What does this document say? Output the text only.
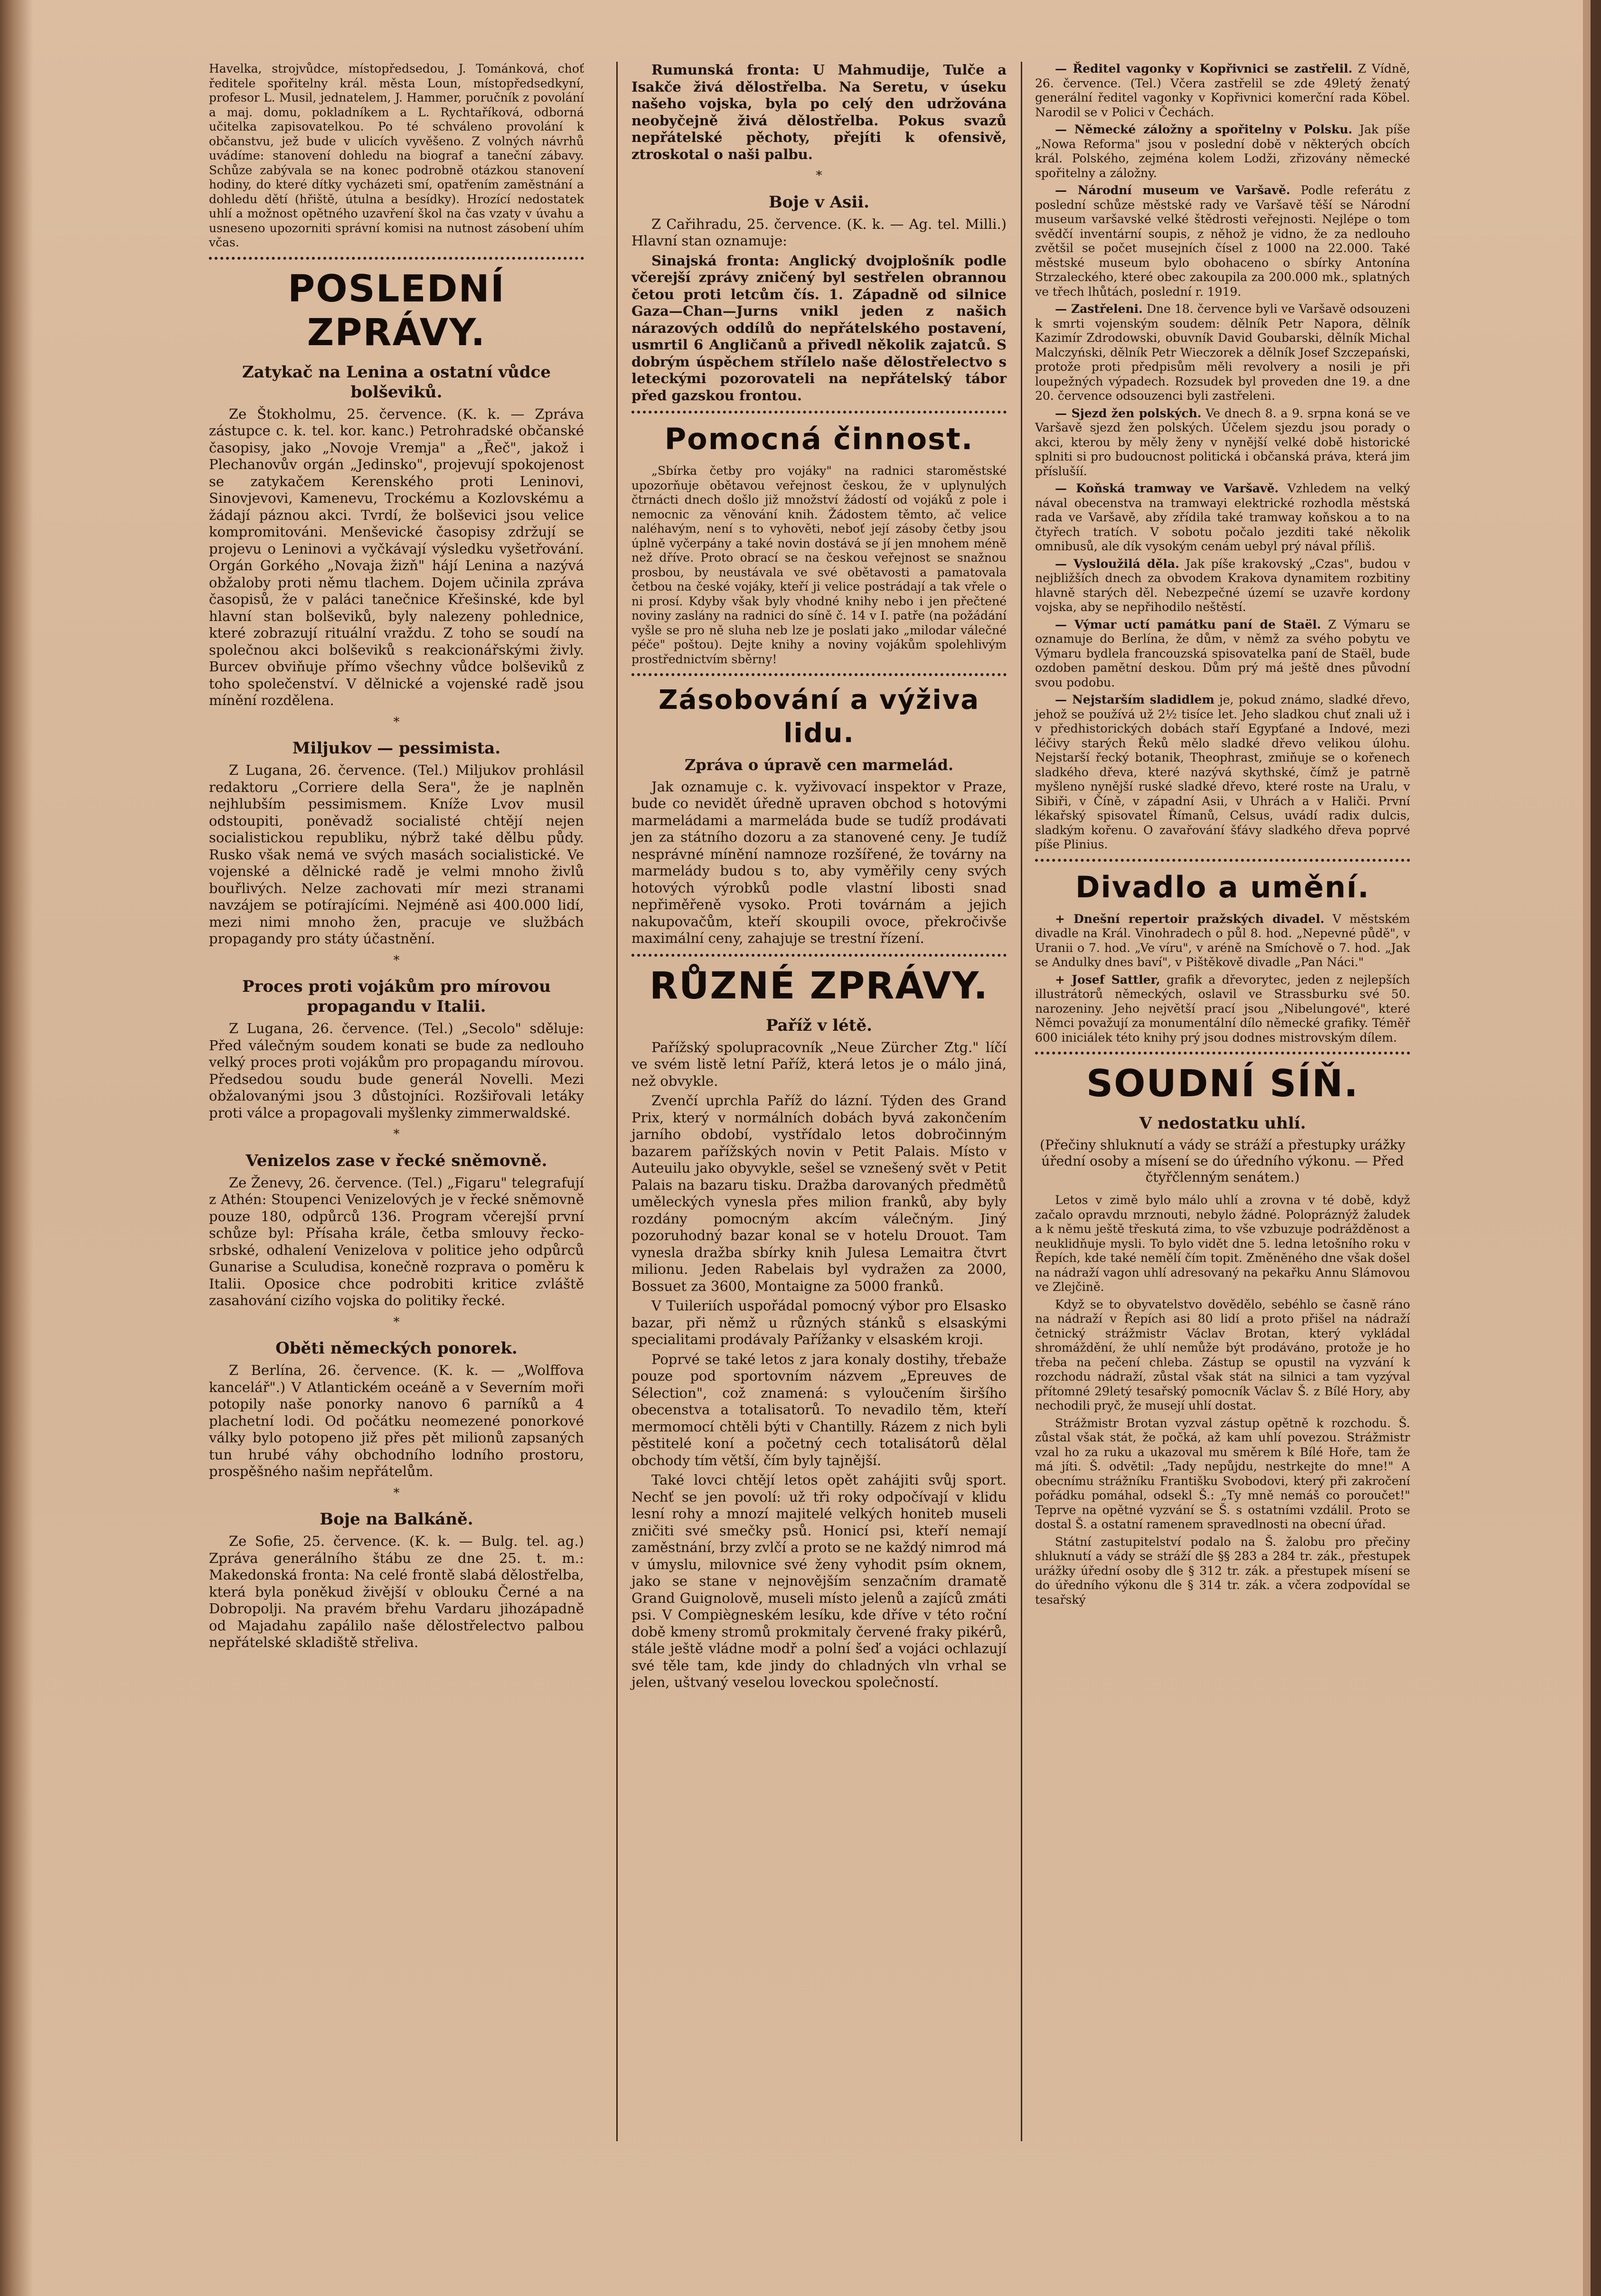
Havelka, strojvůdce, místopředsedou, J. Tománková, choť ředitele spořitelny král. města Loun, místopředsedkyní, profesor L. Musil, jednatelem, J. Hammer, poručník z povolání a maj. domu, pokladníkem a L. Rychtaříková, odborná učitelka zapisovatelkou. Po té schváleno provolání k občanstvu, jež bude v ulicích vyvěšeno. Z volných návrhů uvádíme: stanovení dohledu na biograf a taneční zábavy. Schůze zabývala se na konec podrobně otázkou stanovení hodiny, do které dítky vycházeti smí, opatřením zaměstnání a dohledu dětí (hřiště, útulna a besídky). Hrozící nedostatek uhlí a možnost opětného uzavření škol na čas vzaty v úvahu a usneseno upozorniti správní komisi na nutnost zásobení uhím včas.

POSLEDNÍ ZPRÁVY.
Zatykač na Lenina a ostatní vůdce bolševiků.

Ze Štokholmu, 25. července. (K. k. — Zpráva zástupce c. k. tel. kor. kanc.) Petrohradské občanské časopisy, jako „Novoje Vremja" a „Řeč", jakož i Plechanovův orgán „Jedinsko", projevují spokojenost se zatykačem Kerenského proti Leninovi, Sinovjevovi, Kamenevu, Trockému a Kozlovskému a žádají páznou akci. Tvrdí, že bolševici jsou velice kompromitováni. Menševické časopisy zdržují se projevu o Leninovi a vyčkávají výsledku vyšetřování. Orgán Gorkého „Novaja žizň" hájí Lenina a nazývá obžaloby proti němu tlachem. Dojem učinila zpráva časopisů, že v paláci tanečnice Křešinské, kde byl hlavní stan bolševiků, byly nalezeny pohlednice, které zobrazují rituální vraždu. Z toho se soudí na společnou akci bolševiků s reakcionářskými živly. Burcev obviňuje přímo všechny vůdce bolševiků z toho společenství. V dělnické a vojenské radě jsou mínění rozdělena.

*
Miljukov — pessimista.

Z Lugana, 26. července. (Tel.) Miljukov prohlásil redaktoru „Corriere della Sera", že je naplněn nejhlubším pessimismem. Kníže Lvov musil odstoupiti, poněvadž socialisté chtějí nejen socialistickou republiku, nýbrž také dělbu půdy. Rusko však nemá ve svých masách socialistické. Ve vojenské a dělnické radě je velmi mnoho živlů bouřlivých. Nelze zachovati mír mezi stranami navzájem se potírajícími. Nejméně asi 400.000 lidí, mezi nimi mnoho žen, pracuje ve službách propagandy pro státy účastnění.

*
Proces proti vojákům pro mírovou propagandu v Italii.

Z Lugana, 26. července. (Tel.) „Secolo" sděluje: Před válečným soudem konati se bude za nedlouho velký proces proti vojákům pro propagandu mírovou. Předsedou soudu bude generál Novelli. Mezi obžalovanými jsou 3 důstojníci. Rozšiřovali letáky proti válce a propagovali myšlenky zimmerwaldské.

*
Venizelos zase v řecké sněmovně.

Ze Ženevy, 26. července. (Tel.) „Figaru" telegrafují z Athén: Stoupenci Venizelových je v řecké sněmovně pouze 180, odpůrců 136. Program včerejší první schůze byl: Přísaha krále, četba smlouvy řecko-srbské, odhalení Venizelova v politice jeho odpůrců Gunarise a Sculudisa, konečně rozprava o poměru k Italii. Oposice chce podrobiti kritice zvláště zasahování cizího vojska do politiky řecké.

*
Oběti německých ponorek.

Z Berlína, 26. července. (K. k. — „Wolffova kancelář".) V Atlantickém oceáně a v Severním moři potopily naše ponorky nanovo 6 parníků a 4 plachetní lodi. Od počátku neomezené ponorkové války bylo potopeno již přes pět milionů zapsaných tun hrubé váhy obchodního lodního prostoru, prospěšného našim nepřátelům.

*
Boje na Balkáně.

Ze Sofie, 25. července. (K. k. — Bulg. tel. ag.) Zpráva generálního štábu ze dne 25. t. m.: Makedonská fronta: Na celé frontě slabá dělostřelba, která byla poněkud živější v oblouku Černé a na Dobropolji. Na pravém břehu Vardaru jihozápadně od Majadahu zapálilo naše dělostřelectvo palbou nepřátelské skladiště střeliva.

Rumunská fronta: U Mahmudije, Tulče a Isakče živá dělostřelba. Na Seretu, v úseku našeho vojska, byla po celý den udržována neobyčejně živá dělostřelba. Pokus svazů nepřátelské pěchoty, přejíti k ofensivě, ztroskotal o naši palbu.

*
Boje v Asii.

Z Cařihradu, 25. července. (K. k. — Ag. tel. Milli.) Hlavní stan oznamuje:

Sinajská fronta: Anglický dvojplošník podle včerejší zprávy zničený byl sestřelen obrannou četou proti letcům čís. 1. Západně od silnice Gaza—Chan—Jurns vnikl jeden z našich nárazových oddílů do nepřátelského postavení, usmrtil 6 Angličanů a přivedl několik zajatců. S dobrým úspěchem střílelo naše dělostřelectvo s leteckými pozorovateli na nepřátelský tábor před gazskou frontou.

Pomocná činnost.

„Sbírka četby pro vojáky" na radnici staroměstské upozorňuje obětavou veřejnost českou, že v uplynulých čtrnácti dnech došlo již množství žádostí od vojáků z pole i nemocnic za věnování knih. Žádostem těmto, ač velice naléhavým, není s to vyhověti, neboť její zásoby četby jsou úplně vyčerpány a také novin dostává se jí jen mnohem méně než dříve. Proto obrací se na českou veřejnost se snažnou prosbou, by neustávala ve své obětavosti a pamatovala četbou na české vojáky, kteří ji velice postrádají a tak vřele o ni prosí. Kdyby však byly vhodné knihy nebo i jen přečtené noviny zaslány na radnici do síně č. 14 v I. patře (na požádání vyšle se pro ně sluha neb lze je poslati jako „milodar válečné péče" poštou). Dejte knihy a noviny vojákům spolehlivým prostřednictvím sběrny!

Zásobování a výživa lidu.
Zpráva o úpravě cen marmelád.

Jak oznamuje c. k. vyživovací inspektor v Praze, bude co nevidět úředně upraven obchod s hotovými marmeládami a marmeláda bude se tudíž prodávati jen za státního dozoru a za stanovené ceny. Je tudíž nesprávné mínění namnoze rozšířené, že továrny na marmelády budou s to, aby vyměřily ceny svých hotových výrobků podle vlastní libosti snad nepřiměřeně vysoko. Proti továrnám a jejich nakupovačům, kteří skoupili ovoce, překročivše maximální ceny, zahajuje se trestní řízení.

RŮZNÉ ZPRÁVY.
Paříž v létě.

Pařížský spolupracovník „Neue Zürcher Ztg." líčí ve svém listě letní Paříž, která letos je o málo jiná, než obvykle.

Zvenčí uprchla Paříž do lázní. Týden des Grand Prix, který v normálních dobách byvá zakončením jarního období, vystřídalo letos dobročinným bazarem pařížských novin v Petit Palais. Místo v Auteuilu jako obyvykle, sešel se vznešený svět v Petit Palais na bazaru tisku. Dražba darovaných předmětů uměleckých vynesla přes milion franků, aby byly rozdány pomocným akcím válečným. Jiný pozoruhodný bazar konal se v hotelu Drouot. Tam vynesla dražba sbírky knih Julesa Lemaitra čtvrt milionu. Jeden Rabelais byl vydražen za 2000, Bossuet za 3600, Montaigne za 5000 franků.

V Tuileriích uspořádal pomocný výbor pro Elsasko bazar, při němž u různých stánků s elsaskými specialitami prodávaly Pařížanky v elsaském kroji.

Poprvé se také letos z jara konaly dostihy, třebaže pouze pod sportovním názvem „Epreuves de Sélection", což znamená: s vyloučením širšího obecenstva a totalisatorů. To nevadilo těm, kteří mermomocí chtěli býti v Chantilly. Rázem z nich byli pěstitelé koní a početný cech totalisátorů dělal obchody tím větší, čím byly tajnější.

Také lovci chtějí letos opět zahájiti svůj sport. Nechť se jen povolí: už tři roky odpočívají v klidu lesní rohy a mnozí majitelé velkých honiteb museli zničiti své smečky psů. Honicí psi, kteří nemají zaměstnání, brzy zvlčí a proto se ne každý nimrod má v úmyslu, milovnice své ženy vyhodit psím oknem, jako se stane v nejnovějším senzačním dramatě Grand Guignolově, museli místo jelenů a zajíců zmáti psi. V Compiègneském lesíku, kde dříve v této roční době kmeny stromů prokmitaly červené fraky pikérů, stále ještě vládne modř a polní šeď a vojáci ochlazují své těle tam, kde jindy do chladných vln vrhal se jelen, uštvaný veselou loveckou společností.

— Ředitel vagonky v Kopřivnici se zastřelil. Z Vídně, 26. července. (Tel.) Včera zastřelil se zde 49letý ženatý generální ředitel vagonky v Kopřivnici komerční rada Köbel. Narodil se v Polici v Čechách.

— Německé záložny a spořitelny v Polsku. Jak píše „Nowa Reforma" jsou v poslední době v některých obcích král. Polského, zejména kolem Lodži, zřizovány německé spořitelny a záložny.

— Národní museum ve Varšavě. Podle referátu z poslední schůze městské rady ve Varšavě těší se Národní museum varšavské velké štědrosti veřejnosti. Nejlépe o tom svědčí inventární soupis, z něhož je vidno, že za nedlouho zvětšil se počet musejních čísel z 1000 na 22.000. Také městské museum bylo obohaceno o sbírky Antonína Strzaleckého, které obec zakoupila za 200.000 mk., splatných ve třech lhůtách, poslední r. 1919.

— Zastřeleni. Dne 18. července byli ve Varšavě odsouzeni k smrti vojenským soudem: dělník Petr Napora, dělník Kazimír Zdrodowski, obuvník David Goubarski, dělník Michal Malczyński, dělník Petr Wieczorek a dělník Josef Szczepański, protože proti předpisům měli revolvery a nosili je při loupežných výpadech. Rozsudek byl proveden dne 19. a dne 20. července odsouzenci byli zastřeleni.

— Sjezd žen polských. Ve dnech 8. a 9. srpna koná se ve Varšavě sjezd žen polských. Účelem sjezdu jsou porady o akci, kterou by měly ženy v nynější velké době historické splniti si pro budoucnost politická i občanská práva, která jim příslušíí.

— Koňská tramway ve Varšavě. Vzhledem na velký nával obecenstva na tramwayi elektrické rozhodla městská rada ve Varšavě, aby zřídila také tramway koňskou a to na čtyřech tratích. V sobotu počalo jezditi také několik omnibusů, ale dík vysokým cenám uebyl prý nával příliš.

— Vysloužilá děla. Jak píše krakovský „Czas", budou v nejbližších dnech za obvodem Krakova dynamitem rozbitiny hlavně starých děl. Nebezpečné území se uzavře kordony vojska, aby se nepřihodilo neštěstí.

— Výmar uctí památku paní de Staël. Z Výmaru se oznamuje do Berlína, že dům, v němž za svého pobytu ve Výmaru bydlela francouzská spisovatelka paní de Staël, bude ozdoben pamětní deskou. Dům prý má ještě dnes původní svou podobu.

— Nejstarším sladidlem je, pokud známo, sladké dřevo, jehož se používá už 2½ tisíce let. Jeho sladkou chuť znali už i v předhistorických dobách staří Egypťané a Indové, mezi léčivy starých Řeků mělo sladké dřevo velikou úlohu. Nejstarší řecký botanik, Theophrast, zmiňuje se o kořenech sladkého dřeva, které nazývá skythské, čímž je patrně myšleno nynější ruské sladké dřevo, které roste na Uralu, v Sibiři, v Číně, v západní Asii, v Uhrách a v Haliči. První lékařský spisovatel Římanů, Celsus, uvádí radix dulcis, sladkým kořenu. O zavařování šťávy sladkého dřeva poprvé píše Plinius.

Divadlo a umění.

+ Dnešní repertoir pražských divadel. V městském divadle na Král. Vinohradech o půl 8. hod. „Nepevné půdě", v Uranii o 7. hod. „Ve víru", v aréně na Smíchově o 7. hod. „Jak se Andulky dnes baví", v Pištěkově divadle „Pan Náci."

+ Josef Sattler, grafik a dřevorytec, jeden z nejlepších illustrátorů německých, oslavil ve Strassburku své 50. narozeniny. Jeho největší prací jsou „Nibelungové", které Němci považují za monumentální dílo německé grafiky. Téměř 600 iniciálek této knihy prý jsou dodnes mistrovským dílem.

SOUDNÍ SÍŇ.
V nedostatku uhlí.
(Přečiny shluknutí a vády se stráží a přestupky urážky úřední osoby a mísení se do úředního výkonu. — Před čtyřčlenným senátem.)

Letos v zimě bylo málo uhlí a zrovna v té době, když začalo opravdu mrznouti, nebylo žádné. Polopráznýž žaludek a k němu ještě třeskutá zima, to vše vzbuzuje podrážděnost a neuklidňuje mysli. To bylo vidět dne 5. ledna letošního roku v Řepích, kde také nemělí čím topit. Změněného dne však došel na nádraží vagon uhlí adresovaný na pekařku Annu Slámovou ve Zlejčině.

Když se to obyvatelstvo dovědělo, sebéhlo se časně ráno na nádraží v Řepích asi 80 lidí a proto přišel na nádraží četnický strážmistr Václav Brotan, který vykládal shromáždění, že uhlí nemůže být prodáváno, protože je ho třeba na pečení chleba. Zástup se opustil na vyzvání k rozchodu nádraží, zůstal však stát na silnici a tam vyzýval přítomné 29letý tesařský pomocník Václav Š. z Bílé Hory, aby nechodili pryč, že musejí uhlí dostat.

Strážmistr Brotan vyzval zástup opětně k rozchodu. Š. zůstal však stát, že počká, až kam uhlí povezou. Strážmistr vzal ho za ruku a ukazoval mu směrem k Bílé Hoře, tam že má jíti. Š. odvětil: „Tady nepůjdu, nestrkejte do mne!" A obecnímu strážníku Františku Svobodovi, který při zakročení pořádku pomáhal, odsekl Š.: „Ty mně nemáš co poroučet!" Teprve na opětné vyzvání se Š. s ostatními vzdálil. Proto se dostal Š. a ostatní ramenem spravedlnosti na obecní úřad.

Státní zastupitelství podalo na Š. žalobu pro přečiny shluknutí a vády se stráží dle §§ 283 a 284 tr. zák., přestupek urážky úřední osoby dle § 312 tr. zák. a přestupek mísení se do úředního výkonu dle § 314 tr. zák. a včera zodpovídal se tesařský
